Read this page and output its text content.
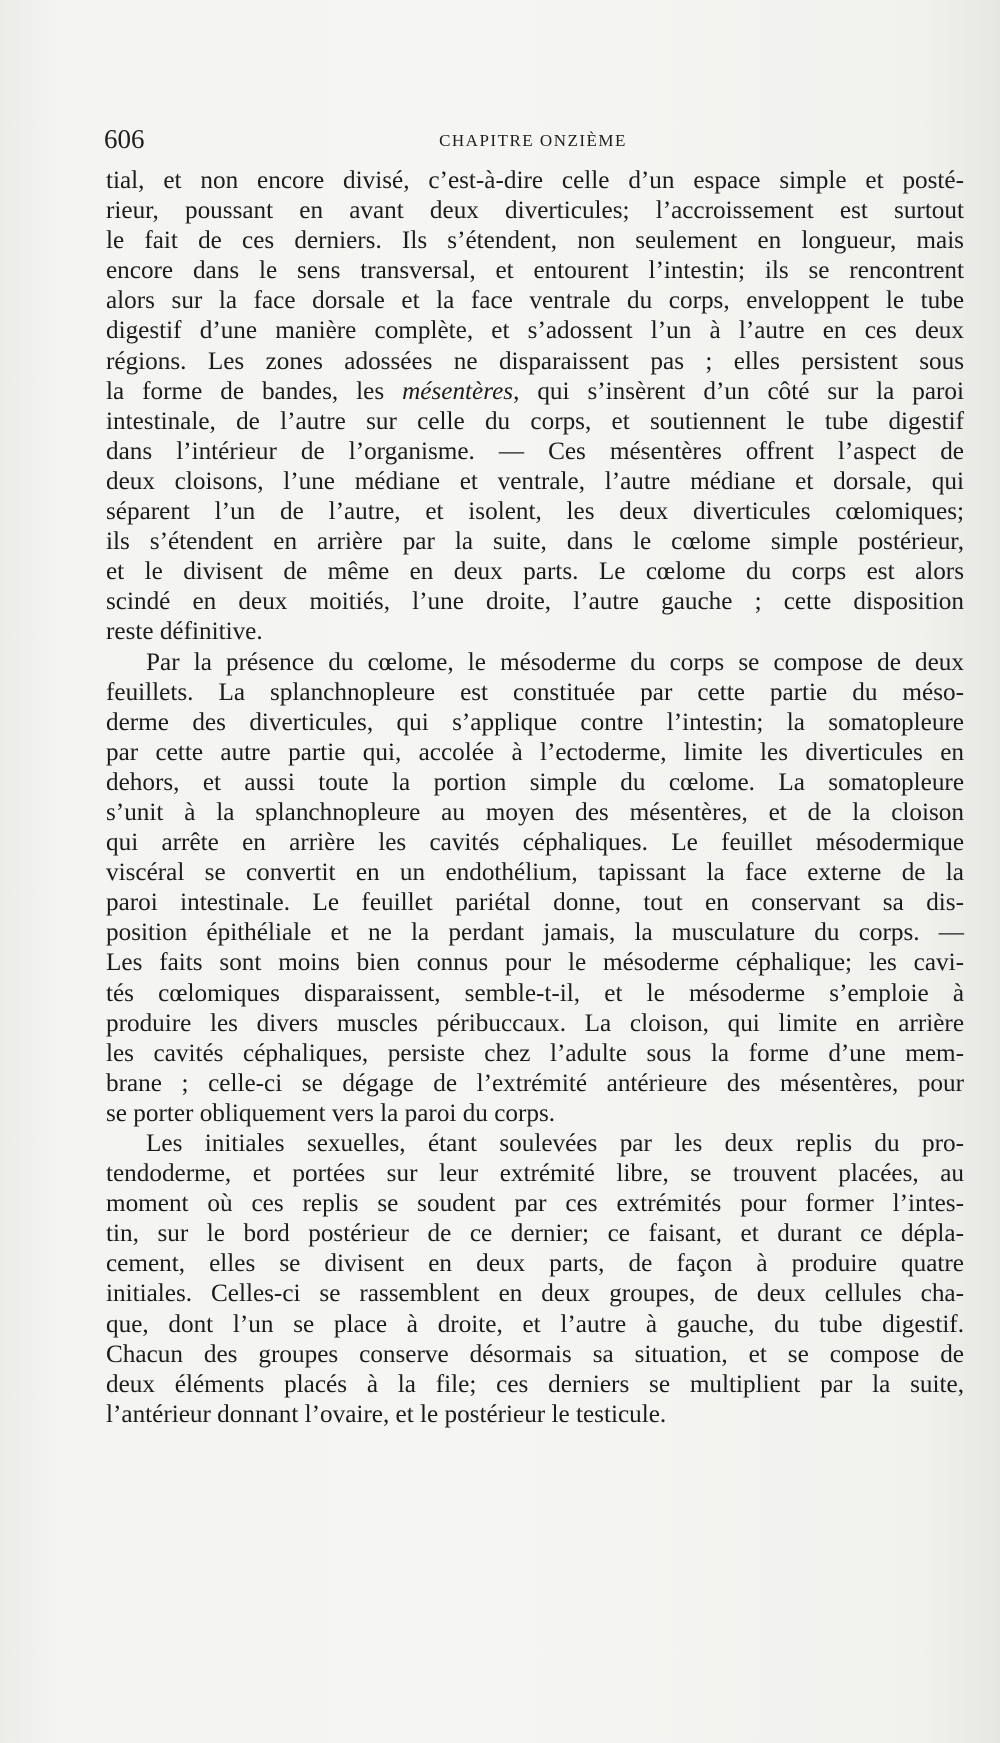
606	CHAPITRE ONZIÈME
tial, et non encore divisé, c’est-à-dire celle d’un espace simple et posté-
rieur, poussant en avant deux diverticules; l’accroissement est surtout
le fait de ces derniers. Ils s’étendent, non seulement en longueur, mais
encore dans le sens transversal, et entourent l’intestin; ils se rencontrent
alors sur la face dorsale et la face ventrale du corps, enveloppent le tube
digestif d’une manière complète, et s’adossent l’un à l’autre en ces deux
régions. Les zones adossées ne disparaissent pas ; elles persistent sous
la forme de bandes, les mésentères, qui s’insèrent d’un côté sur la paroi
intestinale, de l’autre sur celle du corps, et soutiennent le tube digestif
dans l’intérieur de l’organisme. — Ces mésentères offrent l’aspect de
deux cloisons, l’une médiane et ventrale, l’autre médiane et dorsale, qui
séparent l’un de l’autre, et isolent, les deux diverticules cœlomiques;
ils s’étendent en arrière par la suite, dans le cœlome simple postérieur,
et le divisent de même en deux parts. Le cœlome du corps est alors
scindé en deux moitiés, l’une droite, l’autre gauche ; cette disposition
reste définitive.
Par la présence du cœlome, le mésoderme du corps se compose de deux
feuillets. La splanchnopleure est constituée par cette partie du méso-
derme des diverticules, qui s’applique contre l’intestin; la somatopleure
par cette autre partie qui, accolée à l’ectoderme, limite les diverticules en
dehors, et aussi toute la portion simple du cœlome. La somatopleure
s’unit à la splanchnopleure au moyen des mésentères, et de la cloison
qui arrête en arrière les cavités céphaliques. Le feuillet mésodermique
viscéral se convertit en un endothélium, tapissant la face externe de la
paroi intestinale. Le feuillet pariétal donne, tout en conservant sa dis-
position épithéliale et ne la perdant jamais, la musculature du corps. —
Les faits sont moins bien connus pour le mésoderme céphalique; les cavi-
tés cœlomiques disparaissent, semble-t-il, et le mésoderme s’emploie à
produire les divers muscles péribuccaux. La cloison, qui limite en arrière
les cavités céphaliques, persiste chez l’adulte sous la forme d’une mem-
brane ; celle-ci se dégage de l’extrémité antérieure des mésentères, pour
se porter obliquement vers la paroi du corps.
Les initiales sexuelles, étant soulevées par les deux replis du pro-
tendoderme, et portées sur leur extrémité libre, se trouvent placées, au
moment où ces replis se soudent par ces extrémités pour former l’intes-
tin, sur le bord postérieur de ce dernier; ce faisant, et durant ce dépla-
cement, elles se divisent en deux parts, de façon à produire quatre
initiales. Celles-ci se rassemblent en deux groupes, de deux cellules cha-
que, dont l’un se place à droite, et l’autre à gauche, du tube digestif.
Chacun des groupes conserve désormais sa situation, et se compose de
deux éléments placés à la file; ces derniers se multiplient par la suite,
l’antérieur donnant l’ovaire, et le postérieur le testicule.
